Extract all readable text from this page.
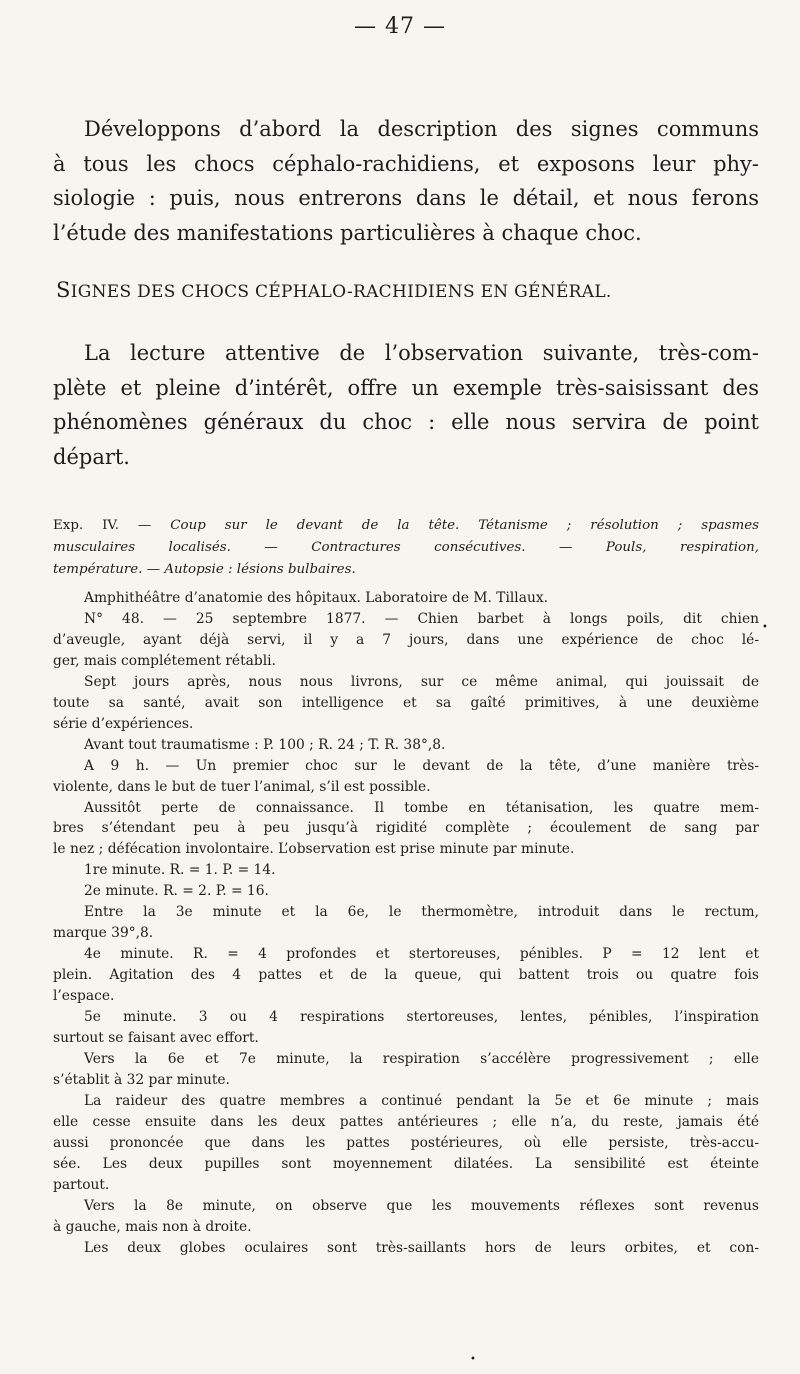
— 47 —

Développons d’abord la description des signes communs
à tous les chocs céphalo-rachidiens, et exposons leur phy-
siologie : puis, nous entrerons dans le détail, et nous ferons
l’étude des manifestations particulières à chaque choc.

SIGNES DES CHOCS CÉPHALO-RACHIDIENS EN GÉNÉRAL.

La lecture attentive de l’observation suivante, très-com-
plète et pleine d’intérêt, offre un exemple très-saisissant des
phénomènes généraux du choc : elle nous servira de point
départ.

Exp. IV. — Coup sur le devant de la tête. Tétanisme ; résolution ; spasmes
musculaires localisés. — Contractures consécutives. — Pouls, respiration,
température. — Autopsie : lésions bulbaires.

Amphithéâtre d’anatomie des hôpitaux. Laboratoire de M. Tillaux.
N° 48. — 25 septembre 1877. — Chien barbet à longs poils, dit chien
d’aveugle, ayant déjà servi, il y a 7 jours, dans une expérience de choc lé-
ger, mais complétement rétabli.
Sept jours après, nous nous livrons, sur ce même animal, qui jouissait de
toute sa santé, avait son intelligence et sa gaîté primitives, à une deuxième
série d’expériences.
Avant tout traumatisme : P. 100 ; R. 24 ; T. R. 38°,8.
A 9 h. — Un premier choc sur le devant de la tête, d’une manière très-
violente, dans le but de tuer l’animal, s’il est possible.
Aussitôt perte de connaissance. Il tombe en tétanisation, les quatre mem-
bres s’étendant peu à peu jusqu’à rigidité complète ; écoulement de sang par
le nez ; défécation involontaire. L’observation est prise minute par minute.
1re minute. R. = 1. P. = 14.
2e minute. R. = 2. P. = 16.
Entre la 3e minute et la 6e, le thermomètre, introduit dans le rectum,
marque 39°,8.
4e minute. R. = 4 profondes et stertoreuses, pénibles. P = 12 lent et
plein. Agitation des 4 pattes et de la queue, qui battent trois ou quatre fois
l’espace.
5e minute. 3 ou 4 respirations stertoreuses, lentes, pénibles, l’inspiration
surtout se faisant avec effort.
Vers la 6e et 7e minute, la respiration s’accélère progressivement ; elle
s’établit à 32 par minute.
La raideur des quatre membres a continué pendant la 5e et 6e minute ; mais
elle cesse ensuite dans les deux pattes antérieures ; elle n’a, du reste, jamais été
aussi prononcée que dans les pattes postérieures, où elle persiste, très-accu-
sée. Les deux pupilles sont moyennement dilatées. La sensibilité est éteinte
partout.
Vers la 8e minute, on observe que les mouvements réflexes sont revenus
à gauche, mais non à droite.
Les deux globes oculaires sont très-saillants hors de leurs orbites, et con-

•
•
